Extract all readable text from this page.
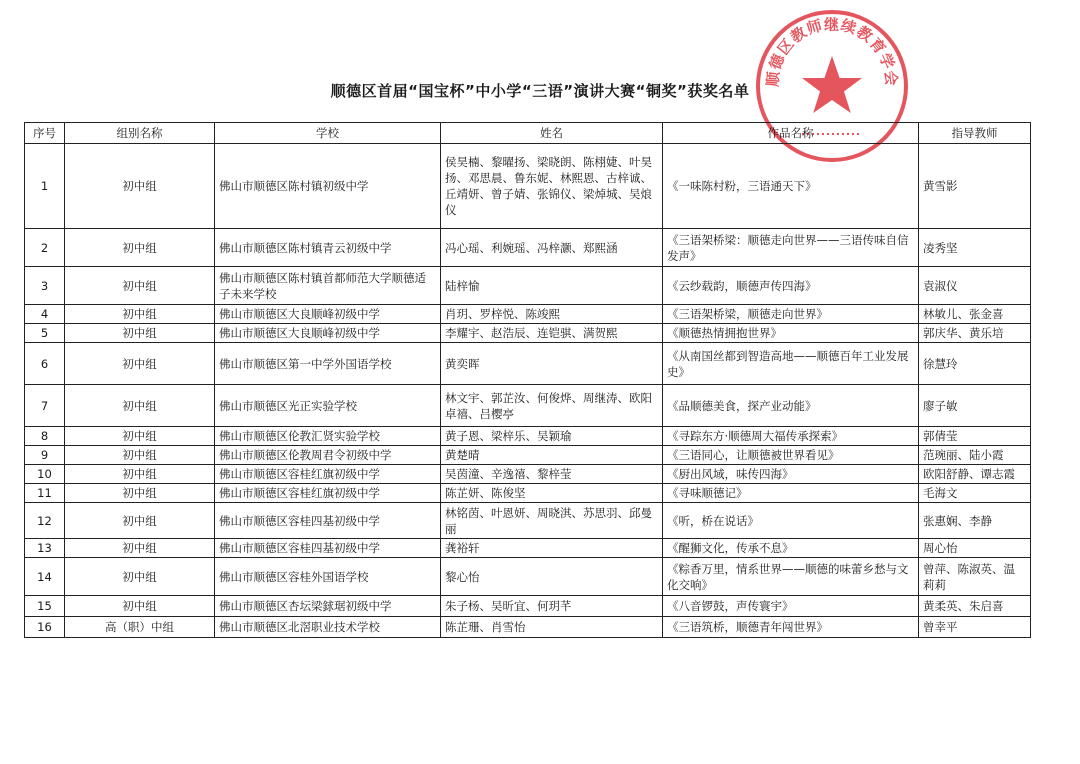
顺德区首届“国宝杯”中小学“三语”演讲大赛“铜奖”获奖名单
顺德区教师继续教育学会
序号	组别名称	学校	姓名	作品名称	指导教师
1	初中组	佛山市顺德区陈村镇初级中学	侯昊楠、黎曜扬、梁晓朗、陈栩婕、叶昊扬、邓思晨、鲁东妮、林熙恩、古梓诚、丘靖妍、曾子婧、张锦仪、梁焯城、吴烺仪	《一味陈村粉，三语通天下》	黄雪影
2	初中组	佛山市顺德区陈村镇青云初级中学	冯心瑶、利婉瑶、冯梓灏、郑熙涵	《三语架桥梁：顺德走向世界——三语传味自信发声》	凌秀坚
3	初中组	佛山市顺德区陈村镇首都师范大学顺德适子未来学校	陆梓愉	《云纱载韵，顺德声传四海》	袁淑仪
4	初中组	佛山市顺德区大良顺峰初级中学	肖玥、罗梓悦、陈竣熙	《三语架桥梁，顺德走向世界》	林敏儿、张金喜
5	初中组	佛山市顺德区大良顺峰初级中学	李耀宇、赵浩辰、连铠骐、满贺熙	《顺德热情拥抱世界》	郭庆华、黄乐培
6	初中组	佛山市顺德区第一中学外国语学校	黄奕晖	《从南国丝都到智造高地——顺德百年工业发展史》	徐慧玲
7	初中组	佛山市顺德区光正实验学校	林文宇、郭芷汝、何俊烨、周继涛、欧阳卓禧、吕樱亭	《品顺德美食，探产业动能》	廖子敏
8	初中组	佛山市顺德区伦教汇贤实验学校	黄子恩、梁梓乐、吴颖瑜	《寻踪东方·顺德周大福传承探索》	郭倩莹
9	初中组	佛山市顺德区伦教周君令初级中学	黄楚晴	《三语同心，让顺德被世界看见》	范琬丽、陆小霞
10	初中组	佛山市顺德区容桂红旗初级中学	吴茵潼、辛逸禧、黎梓莹	《厨出风域，味传四海》	欧阳舒静、谭志霞
11	初中组	佛山市顺德区容桂红旗初级中学	陈芷妍、陈俊坚	《寻味顺德记》	毛海文
12	初中组	佛山市顺德区容桂四基初级中学	林铭茵、叶恩妍、周晓淇、苏思羽、邱曼丽	《听，桥在说话》	张惠娴、李静
13	初中组	佛山市顺德区容桂四基初级中学	龚裕轩	《醒狮文化，传承不息》	周心怡
14	初中组	佛山市顺德区容桂外国语学校	黎心怡	《粽香万里，情系世界——顺德的味蕾乡愁与文化交响》	曾萍、陈淑英、温莉莉
15	初中组	佛山市顺德区杏坛梁銶琚初级中学	朱子杨、吴昕宜、何玥芊	《八音锣鼓，声传寰宇》	黄柔英、朱启喜
16	高（职）中组	佛山市顺德区北滘职业技术学校	陈芷珊、肖雪怡	《三语筑桥，顺德青年闯世界》	曾幸平
